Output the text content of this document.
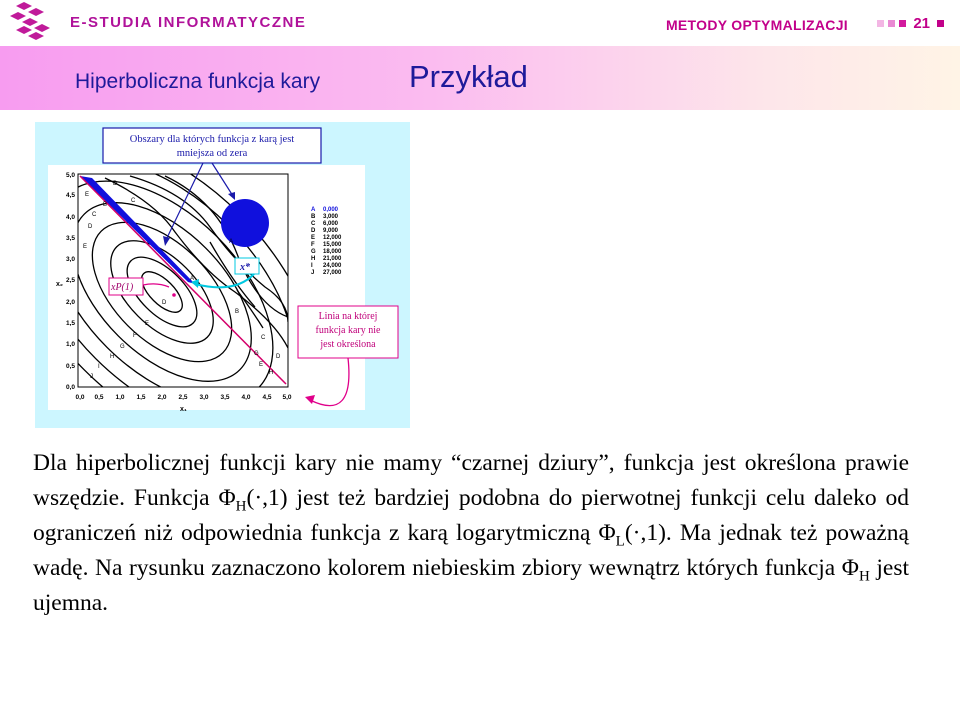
E-STUDIA INFORMATYCZNE	METODY OPTYMALIZACJI	21
Hiperboliczna funkcja kary	Przykład
D
C
B
E
C
D
E
A
D
E
F
B
G
H
I
J
C
D
E
G
H
A
0,0
0,5
1,0
1,5
2,0
2,5
3,0
3,5
4,0
4,5
5,0
x₂
0,0 0,5 1,0 1,5 2,0 2,5 3,0 3,5 4,0 4,5 5,0
x₁
A 0,000
B 3,000
C 6,000
D 9,000
E 12,000
F 15,000
G 18,000
H 21,000
I 24,000
J 27,000
Obszary dla których funkcja z karą jest
mniejsza od zera
x*
xP(1)
Linia na której
funkcja kary nie
jest określona
Dla hiperbolicznej funkcji kary nie mamy “czarnej dziury”, funkcja jest określona prawie wszędzie. Funkcja $\Phi_H(\cdot,1)$ jest też bardziej podobna do pierwotnej funkcji celu daleko od ograniczeń niż odpowiednia funkcja z karą logarytmiczną $\Phi_L(\cdot,1)$. Ma jednak też poważną wadę. Na rysunku zaznaczono kolorem niebieskim zbiory wewnątrz których funkcja $\Phi_H$ jest ujemna.
